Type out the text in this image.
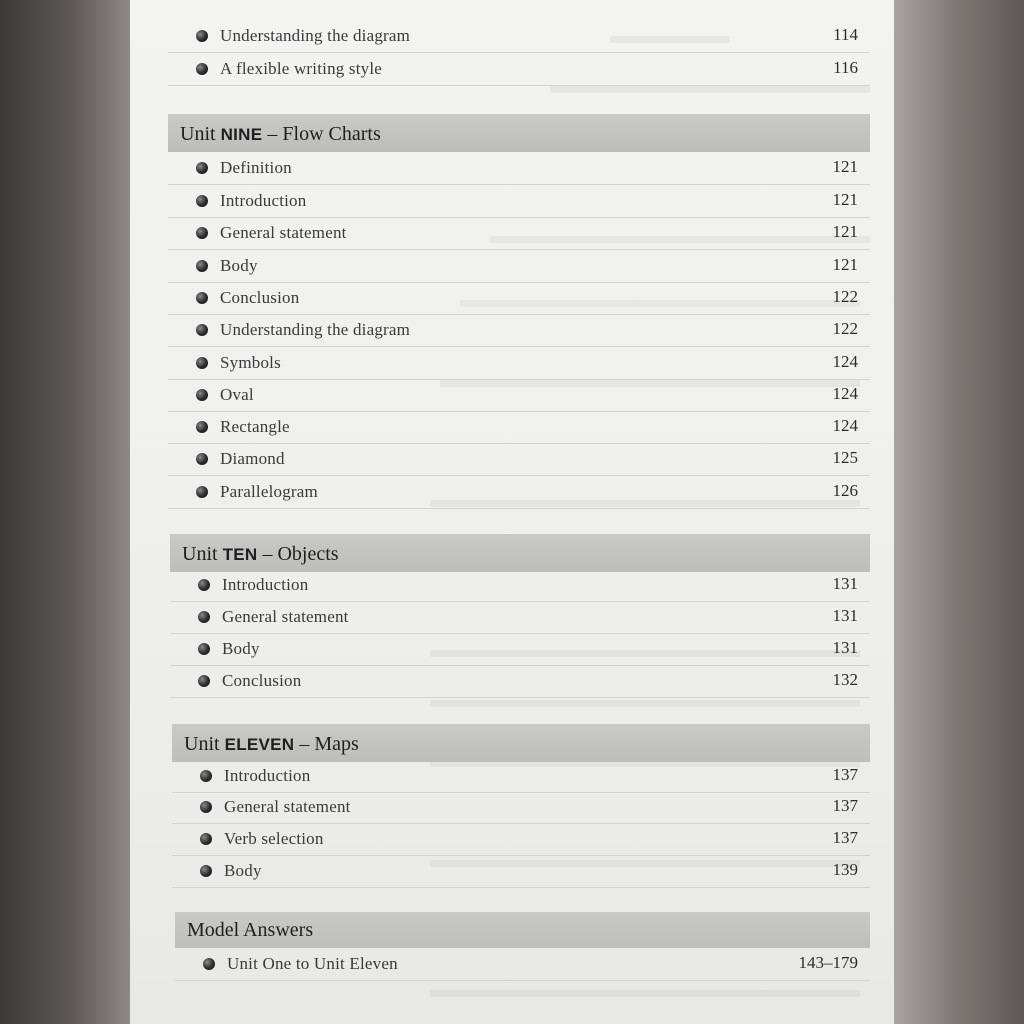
Understanding the diagram	114
A flexible writing style	116
Unit NINE – Flow Charts
Definition	121
Introduction	121
General statement	121
Body	121
Conclusion	122
Understanding the diagram	122
Symbols	124
Oval	124
Rectangle	124
Diamond	125
Parallelogram	126
Unit TEN – Objects
Introduction	131
General statement	131
Body	131
Conclusion	132
Unit ELEVEN – Maps
Introduction	137
General statement	137
Verb selection	137
Body	139
Model Answers
Unit One to Unit Eleven	143–179
